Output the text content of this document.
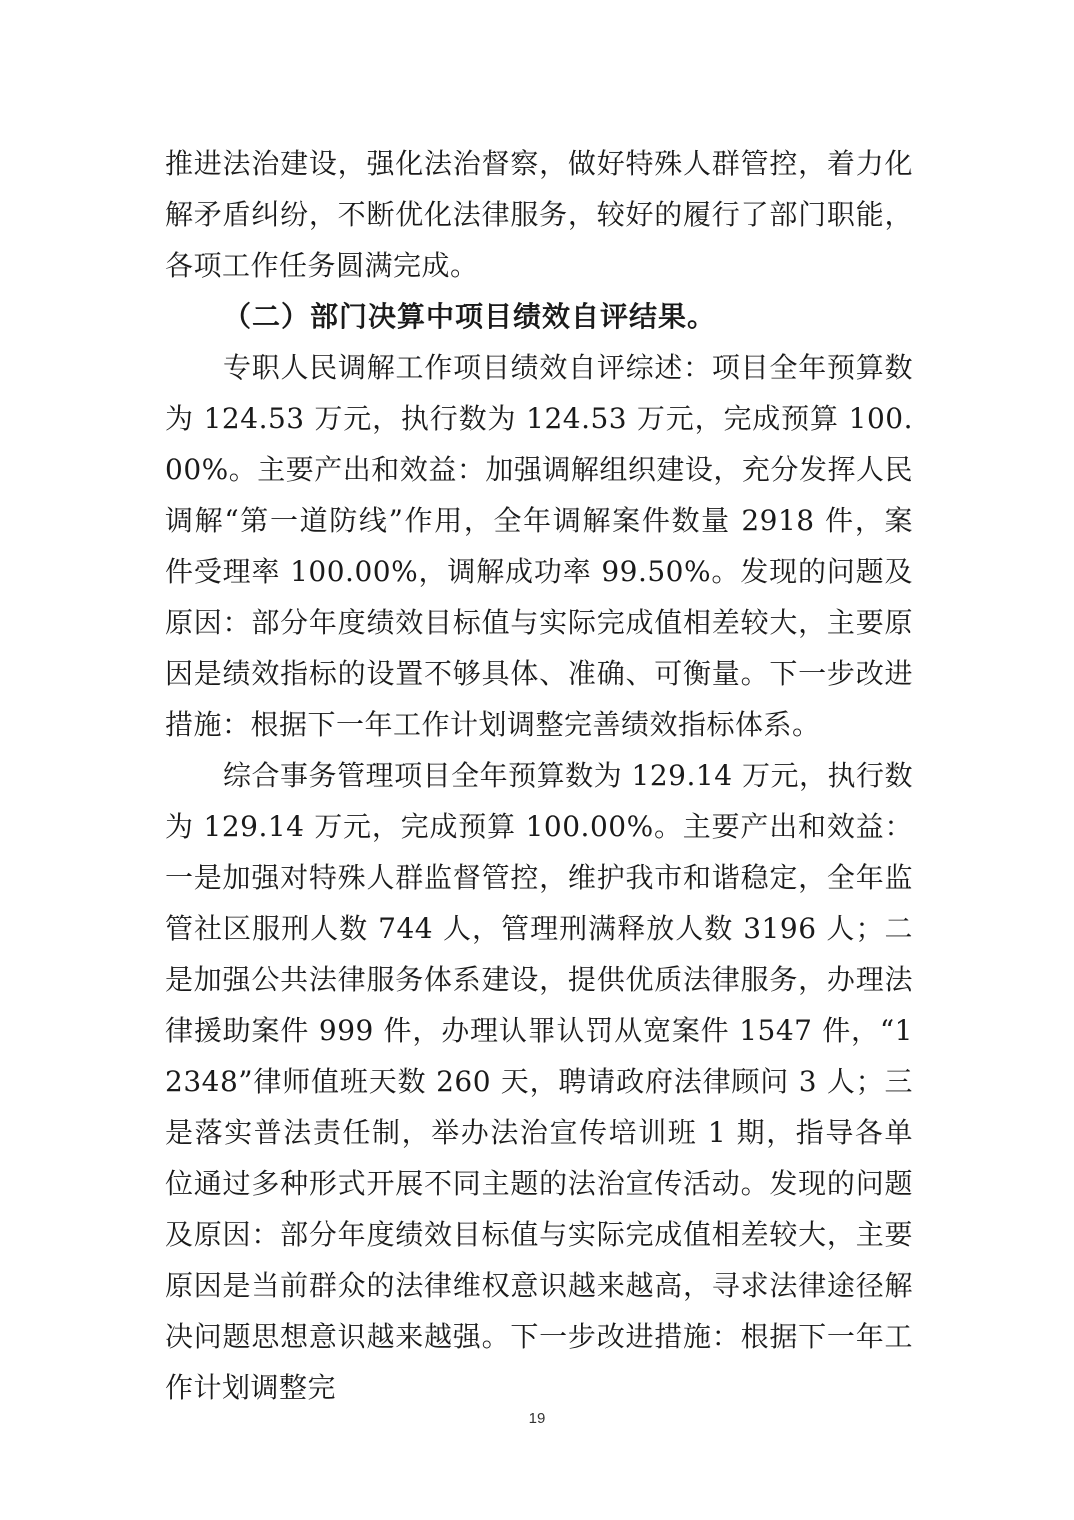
推进法治建设，强化法治督察，做好特殊人群管控，着力化解矛盾纠纷，不断优化法律服务，较好的履行了部门职能，各项工作任务圆满完成。

（二）部门决算中项目绩效自评结果。

专职人民调解工作项目绩效自评综述：项目全年预算数为 124.53 万元，执行数为 124.53 万元，完成预算 100.00%。主要产出和效益：加强调解组织建设，充分发挥人民调解“第一道防线”作用，全年调解案件数量 2918 件，案件受理率 100.00%，调解成功率 99.50%。发现的问题及原因：部分年度绩效目标值与实际完成值相差较大，主要原因是绩效指标的设置不够具体、准确、可衡量。下一步改进措施：根据下一年工作计划调整完善绩效指标体系。

综合事务管理项目全年预算数为 129.14 万元，执行数为 129.14 万元，完成预算 100.00%。主要产出和效益：一是加强对特殊人群监督管控，维护我市和谐稳定，全年监管社区服刑人数 744 人，管理刑满释放人数 3196 人；二是加强公共法律服务体系建设，提供优质法律服务，办理法律援助案件 999 件，办理认罪认罚从宽案件 1547 件，“12348”律师值班天数 260 天，聘请政府法律顾问 3 人；三是落实普法责任制，举办法治宣传培训班 1 期，指导各单位通过多种形式开展不同主题的法治宣传活动。发现的问题及原因：部分年度绩效目标值与实际完成值相差较大，主要原因是当前群众的法律维权意识越来越高，寻求法律途径解决问题思想意识越来越强。下一步改进措施：根据下一年工作计划调整完

19
